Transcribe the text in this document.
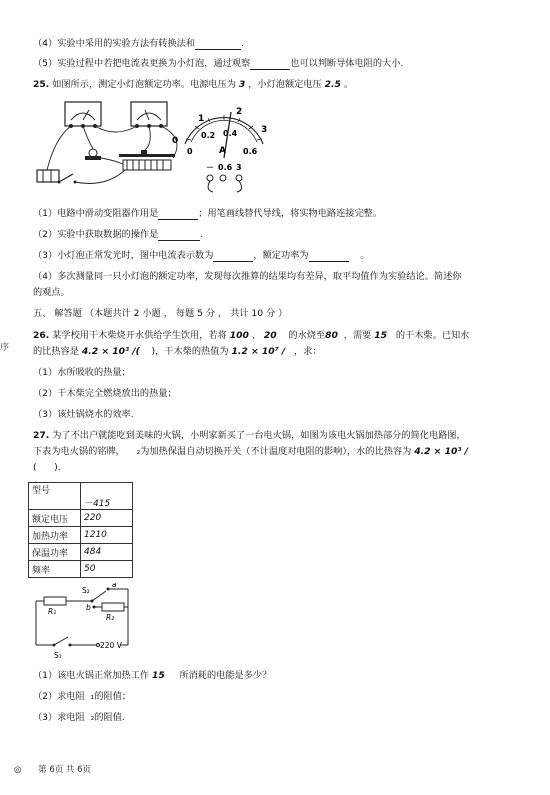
（4）实验中采用的实验方法有转换法和	.
（5）实验过程中若把电流表更换为小灯泡，通过观察	也可以判断导体电阻的大小.
25. 如图所示，测定小灯泡额定功率。电源电压为 3 ，小灯泡额定电压 2.5 。
0
1
2
3
0
0.2 0.4
0.6
A
－ 0.6 3
（1）电路中滑动变阻器作用是	；用笔画线替代导线，将实物电路连接完整。
（2）实验中获取数据的操作是	.
（3）小灯泡正常发光时，图中电流表示数为	，额定功率为	。
（4）多次测量同一只小灯泡的额定功率，发现每次推算的结果均有差异，取平均值作为实验结论。简述你
的观点。
五、 解答题 （本题共计 2 小题 ， 每题 5 分 ， 共计 10 分 ）
序
26. 某学校用干木柴烧开水供给学生饮用，若将 100 、 20 的水烧至80 ，需要 15 的干木柴。已知水
的比热容是 4.2 × 10³ /( )，干木柴的热值为 1.2 × 10⁷ / ，求：
（1）水所吸收的热量；
（2）干木柴完全燃烧放出的热量；
（3）该灶锅烧水的效率.
27. 为了不出户就能吃到美味的火锅，小明家新买了一台电火锅，如图为该电火锅加热部分的简化电路图，
下表为电火锅的铭牌， ₂为加热保温自动切换开关（不计温度对电阻的影响），水的比热容为 4.2 × 10³ /
( ).
型号	－415
额定电压	220
加热功率	1210
保温功率	484
频率	50
S₂
a
b
R₁
R₂
S₁
220 V
（1）该电火锅正常加热工作 15 所消耗的电能是多少？
（2）求电阻 ₁的阻值；
（3）求电阻 ₂的阻值.
◎ 第 6页 共 6页
